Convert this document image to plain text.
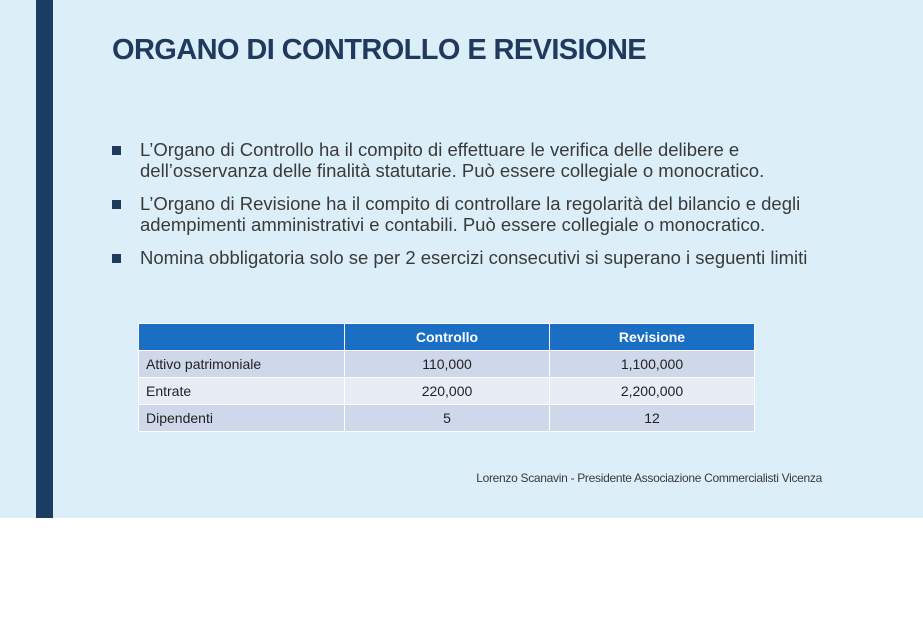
ORGANO DI CONTROLLO E REVISIONE
L’Organo di Controllo ha il compito di effettuare le verifica delle delibere e dell’osservanza delle finalità statutarie. Può essere collegiale o monocratico.
L’Organo di Revisione ha il compito di controllare la regolarità del bilancio e degli adempimenti amministrativi e contabili. Può essere collegiale o monocratico.
Nomina obbligatoria solo se per 2 esercizi consecutivi si superano i seguenti limiti
	Controllo	Revisione
Attivo patrimoniale	110,000	1,100,000
Entrate	220,000	2,200,000
Dipendenti	5	12
Lorenzo Scanavin - Presidente Associazione Commercialisti Vicenza
